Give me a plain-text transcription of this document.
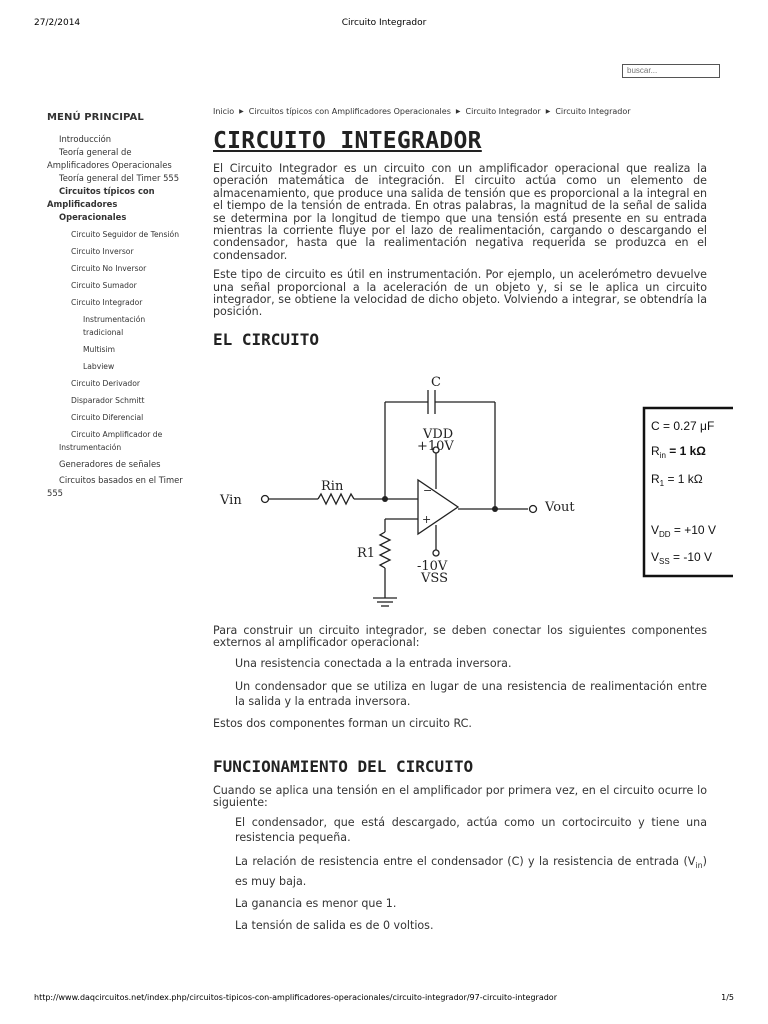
27/2/2014	Circuito Integrador
buscar...
MENÚ PRINCIPAL
Introducción
Teoría general de
Amplificadores Operacionales
Teoría general del Timer 555
Circuitos típicos con
Amplificadores Operacionales
Circuito Seguidor de Tensión
Circuito Inversor
Circuito No Inversor
Circuito Sumador
Circuito Integrador
Instrumentación tradicional
Multisim
Labview
Circuito Derivador
Disparador Schmitt
Circuito Diferencial
Circuito Amplificador de
Instrumentación
Generadores de señales
Circuitos basados en el Timer
555
Inicio ▶ Circuitos típicos con Amplificadores Operacionales ▶ Circuito Integrador ▶ Circuito Integrador
CIRCUITO INTEGRADOR

El Circuito Integrador es un circuito con un amplificador operacional que realiza la operación matemática de integración. El circuito actúa como un elemento de almacenamiento, que produce una salida de tensión que es proporcional a la integral en el tiempo de la tensión de entrada. En otras palabras, la magnitud de la señal de salida se determina por la longitud de tiempo que una tensión está presente en su entrada mientras la corriente fluye por el lazo de realimentación, cargando o descargando el condensador, hasta que la realimentación negativa requerida se produzca en el condensador.

Este tipo de circuito es útil en instrumentación. Por ejemplo, un acelerómetro devuelve una señal proporcional a la aceleración de un objeto y, si se le aplica un circuito integrador, se obtiene la velocidad de dicho objeto. Volviendo a integrar, se obtendría la posición.

EL CIRCUITO
C
VDD
+10V
Rin
Vin	Vout
R1
-10V
VSS
−
+
C = 0.27 μF
$R_{in} = 1$ kΩ
$R_1 = 1$ kΩ
$V_{DD} = +10$ V
$V_{SS} = -10$ V

Para construir un circuito integrador, se deben conectar los siguientes componentes externos al amplificador operacional:

Una resistencia conectada a la entrada inversora.

Un condensador que se utiliza en lugar de una resistencia de realimentación entre la salida y la entrada inversora.

Estos dos componentes forman un circuito RC.

FUNCIONAMIENTO DEL CIRCUITO

Cuando se aplica una tensión en el amplificador por primera vez, en el circuito ocurre lo siguiente:

El condensador, que está descargado, actúa como un cortocircuito y tiene una resistencia pequeña.

La relación de resistencia entre el condensador (C) y la resistencia de entrada $(V_{in})$ es muy baja.

La ganancia es menor que 1.

La tensión de salida es de 0 voltios.

http://www.daqcircuitos.net/index.php/circuitos-tipicos-con-amplificadores-operacionales/circuito-integrador/97-circuito-integrador	1/5
